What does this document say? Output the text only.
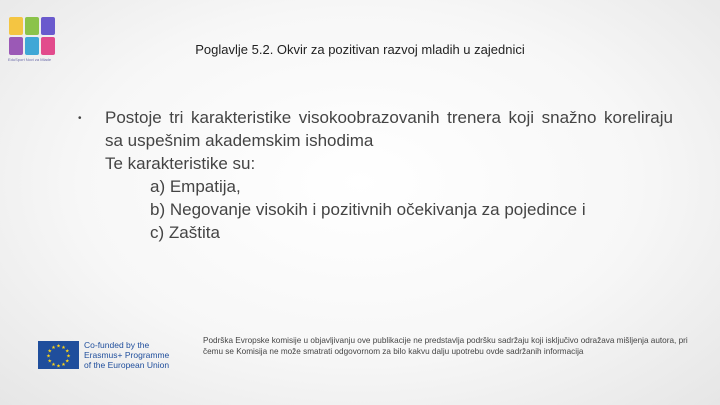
EduSport Novi za Mlade
Poglavlje 5.2. Okvir za pozitivan razvoj mladih u zajednici
• Postoje tri karakteristike visokoobrazovanih trenera koji snažno koreliraju sa uspešnim akademskim ishodima

Te karakteristike su:

a) Empatija,

b) Negovanje visokih i pozitivnih očekivanja za pojedince i

c) Zaštita

★ ★
★
★
★
★
★
★
★
★
★
★	Co-funded by the
Erasmus+ Programme
of the European Union
Podrška Evropske komisije u objavljivanju ove publikacije ne predstavlja podršku sadržaju koji isključivo odražava mišljenja autora, pri čemu se Komisija ne može smatrati odgovornom za bilo kakvu dalju upotrebu ovde sadržanih informacija
